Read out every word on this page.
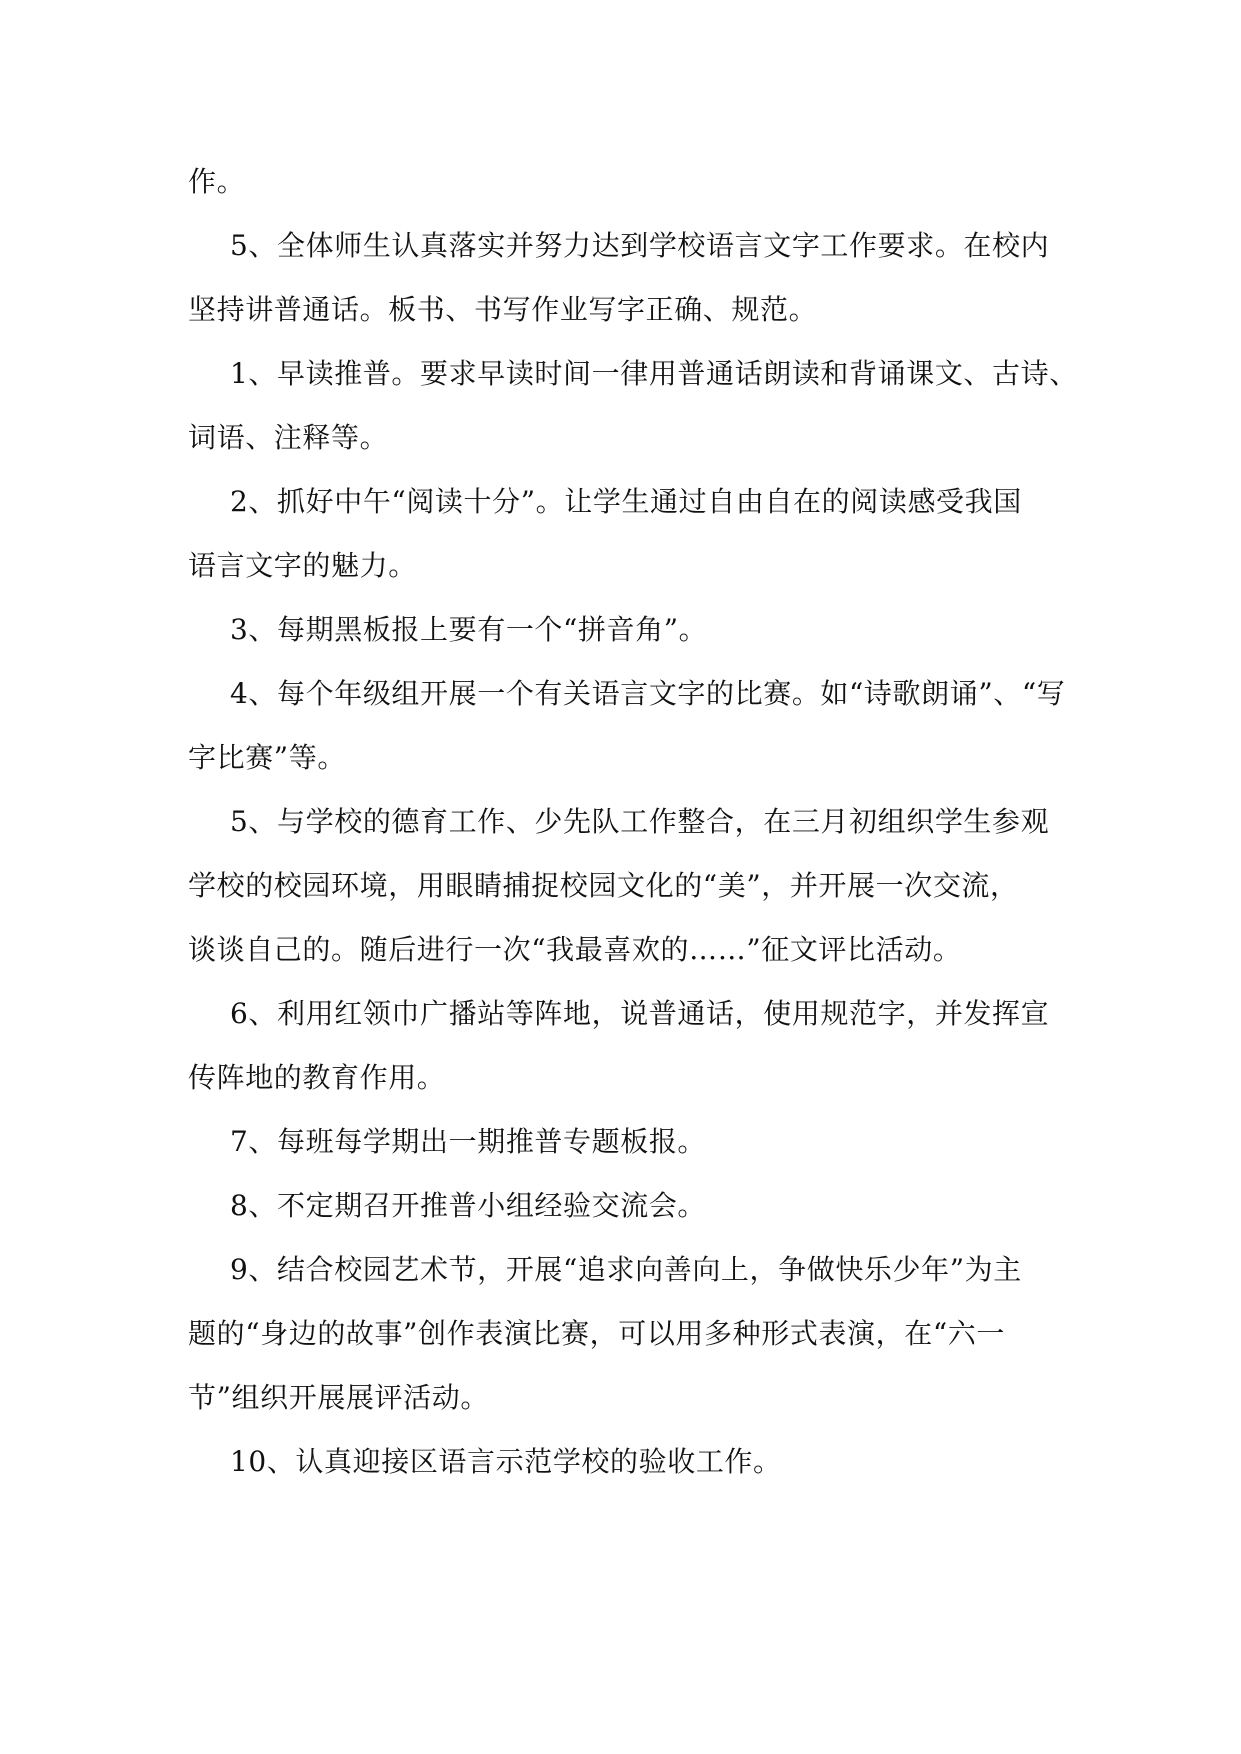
作。
5、全体师生认真落实并努力达到学校语言文字工作要求。在校内
坚持讲普通话。板书、书写作业写字正确、规范。
1、早读推普。要求早读时间一律用普通话朗读和背诵课文、古诗、
词语、注释等。
2、抓好中午“阅读十分”。让学生通过自由自在的阅读感受我国
语言文字的魅力。
3、每期黑板报上要有一个“拼音角”。
4、每个年级组开展一个有关语言文字的比赛。如“诗歌朗诵”、“写
字比赛”等。
5、与学校的德育工作、少先队工作整合，在三月初组织学生参观
学校的校园环境，用眼睛捕捉校园文化的“美”，并开展一次交流，
谈谈自己的。随后进行一次“我最喜欢的……”征文评比活动。
6、利用红领巾广播站等阵地，说普通话，使用规范字，并发挥宣
传阵地的教育作用。
7、每班每学期出一期推普专题板报。
8、不定期召开推普小组经验交流会。
9、结合校园艺术节，开展“追求向善向上，争做快乐少年”为主
题的“身边的故事”创作表演比赛，可以用多种形式表演，在“六一
节”组织开展展评活动。
10、认真迎接区语言示范学校的验收工作。
